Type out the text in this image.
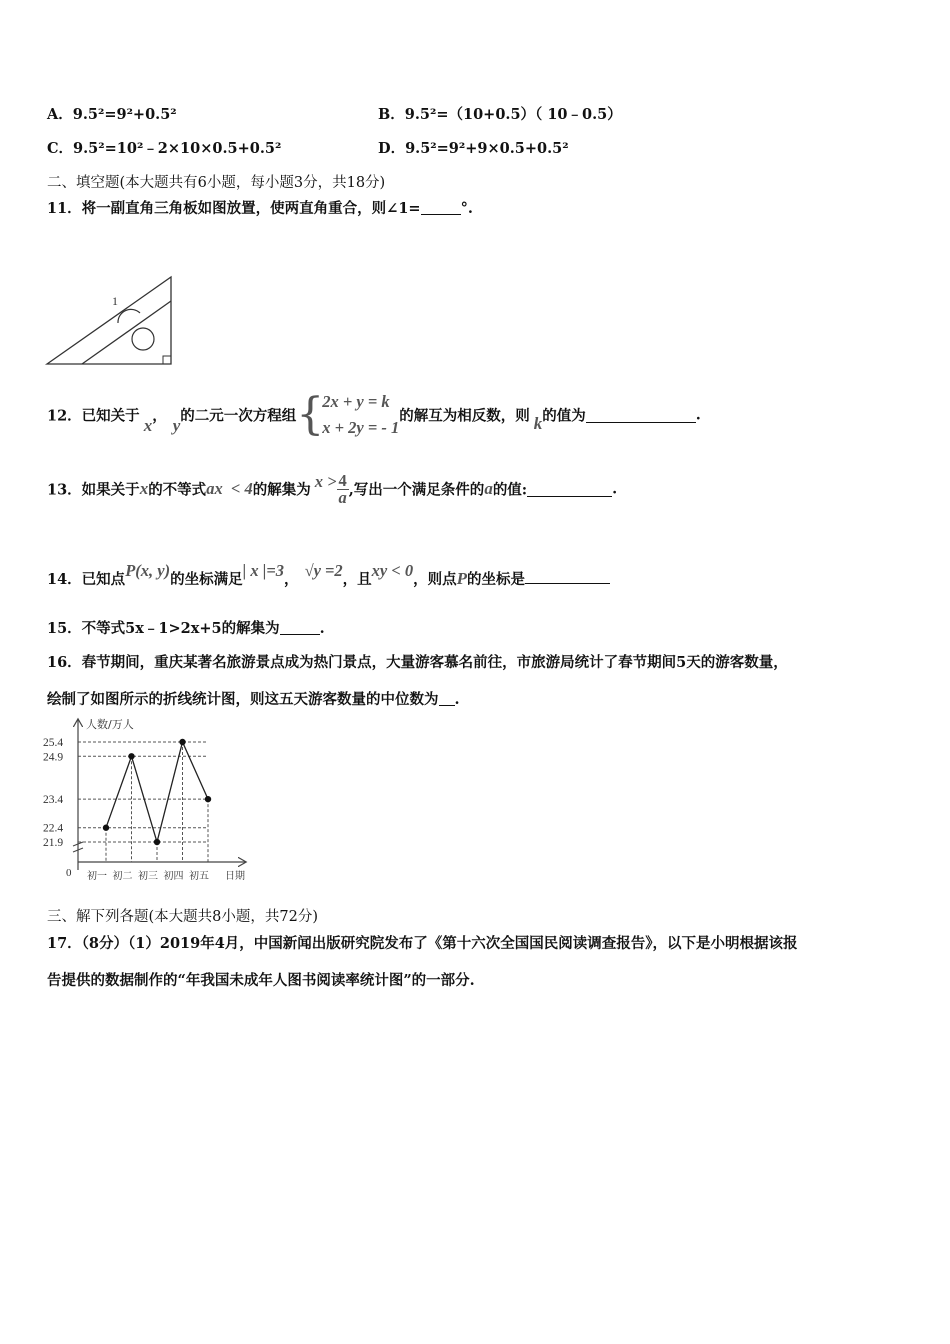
A．9.5²=9²+0.5²	B．9.5²=（10+0.5）（ 10﹣0.5）
C．9.5²=10²﹣2×10×0.5+0.5²	D．9.5²=9²+9×0.5+0.5²
二、填空题(本大题共有6小题，每小题3分，共18分)
11．将一副直角三角板如图放置，使两直角重合，则∠1=	°.
1
12．已知关于 x， y的二元一次方程组{
2x + y = k
x + 2y = - 1
的解互为相反数，则 k的值为	.
13．如果关于x的不等式ax  < 4的解集为 $x > \frac{4}{a}$ ,写出一个满足条件的a的值:	.
14．已知点P(x, y)的坐标满足| x |=3， √y =2，且xy < 0，则点P的坐标是
15．不等式5x﹣1>2x+5的解集为	.
16．春节期间，重庆某著名旅游景点成为热门景点，大量游客慕名前往，市旅游局统计了春节期间5天的游客数量，
绘制了如图所示的折线统计图，则这五天游客数量的中位数为 .
25.4
24.9
23.4
22.4
21.9
初一 初二 初三 初四 初五
人数/万人
日期
0
三、解下列各题(本大题共8小题，共72分)
17．（8分）（1）2019年4月，中国新闻出版研究院发布了《第十六次全国国民阅读调查报告》，以下是小明根据该报
告提供的数据制作的“年我国未成年人图书阅读率统计图”的一部分.
